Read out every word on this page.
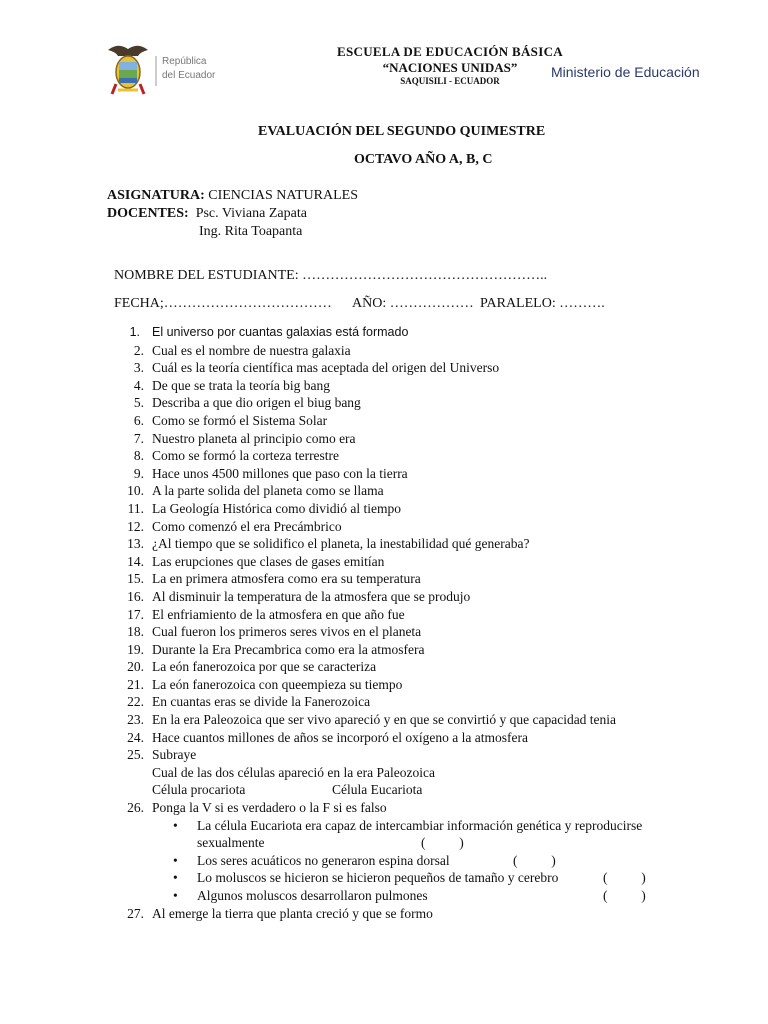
República
del Ecuador
ESCUELA DE EDUCACIÓN BÁSICA
“NACIONES UNIDAS”
SAQUISILI - ECUADOR
Ministerio de Educación
EVALUACIÓN DEL SEGUNDO QUIMESTRE
OCTAVO AÑO A, B, C
ASIGNATURA: CIENCIAS NATURALES
DOCENTES:  Psc. Viviana Zapata
Ing. Rita Toapanta
NOMBRE DEL ESTUDIANTE: ……………………………………………..
FECHA;……………………………… AÑO: ……………… PARALELO: ……….
1. El universo por cuantas galaxias está formado
2. Cual es el nombre de nuestra galaxia
3. Cuál es la teoría científica mas aceptada del origen del Universo
4. De que se trata la teoría big bang
5. Describa a que dio origen el biug bang
6. Como se formó el Sistema Solar
7. Nuestro planeta al principio como era
8. Como se formó la corteza terrestre
9. Hace unos 4500 millones que paso con la tierra
10. A la parte solida del planeta como se llama
11. La Geología Histórica como dividió al tiempo
12. Como comenzó el era Precámbrico
13. ¿Al tiempo que se solidifico el planeta, la inestabilidad qué generaba?
14. Las erupciones que clases de gases emitían
15. La en primera atmosfera como era su temperatura
16. Al disminuir la temperatura de la atmosfera que se produjo
17. El enfriamiento de la atmosfera en que año fue
18. Cual fueron los primeros seres vivos en el planeta
19. Durante la Era Precambrica como era la atmosfera
20. La eón fanerozoica por que se caracteriza
21. La eón fanerozoica con queempieza su tiempo
22. En cuantas eras se divide la Fanerozoica
23. En la era Paleozoica que ser vivo apareció y en que se convirtió y que capacidad tenia
24. Hace cuantos millones de años se incorporó el oxígeno a la atmosfera
25. Subraye
Cual de las dos células apareció en la era Paleozoica
Célula procariota	Célula Eucariota
26. Ponga la V si es verdadero o la F si es falso
• La célula Eucariota era capaz de intercambiar información genética y reproducirse
sexualmente	(          )
• Los seres acuáticos no generaron espina dorsal	(          )
• Lo moluscos se hicieron se hicieron pequeños de tamaño y cerebro	(          )
• Algunos moluscos desarrollaron pulmones	(          )
27. Al emerge la tierra que planta creció y que se formo
